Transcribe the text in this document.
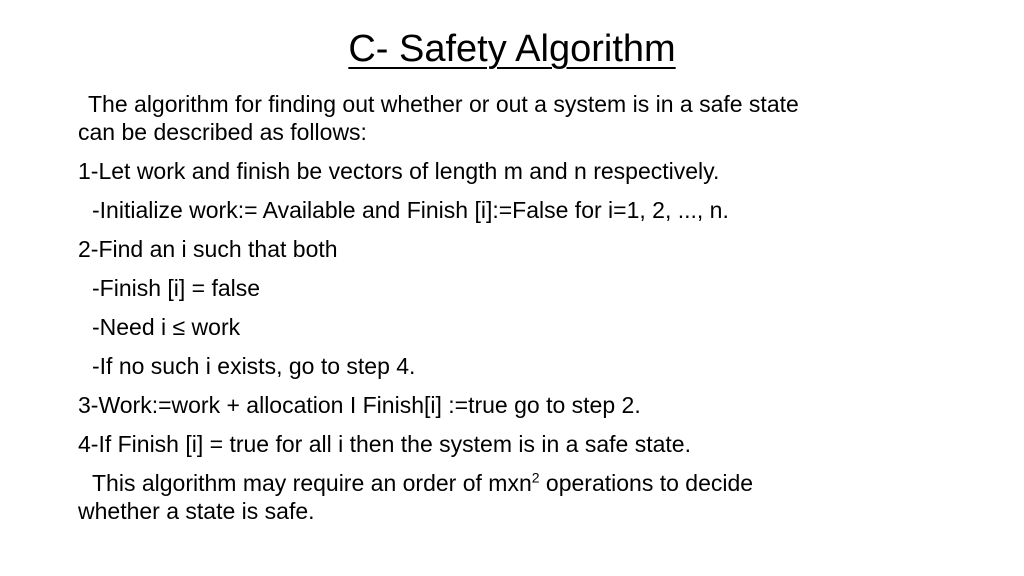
C- Safety Algorithm

The algorithm for finding out whether or out a system is in a safe state

can be described as follows:

1-Let work and finish be vectors of length m and n respectively.

-Initialize work:= Available and Finish [i]:=False for i=1, 2, ..., n.

2-Find an i such that both

-Finish [i] = false

-Need i ≤ work

-If no such i exists, go to step 4.

3-Work:=work + allocation I Finish[i] :=true go to step 2.

4-If Finish [i] = true for all i then the system is in a safe state.

This algorithm may require an order of mxn$^2$ operations to decide

whether a state is safe.
